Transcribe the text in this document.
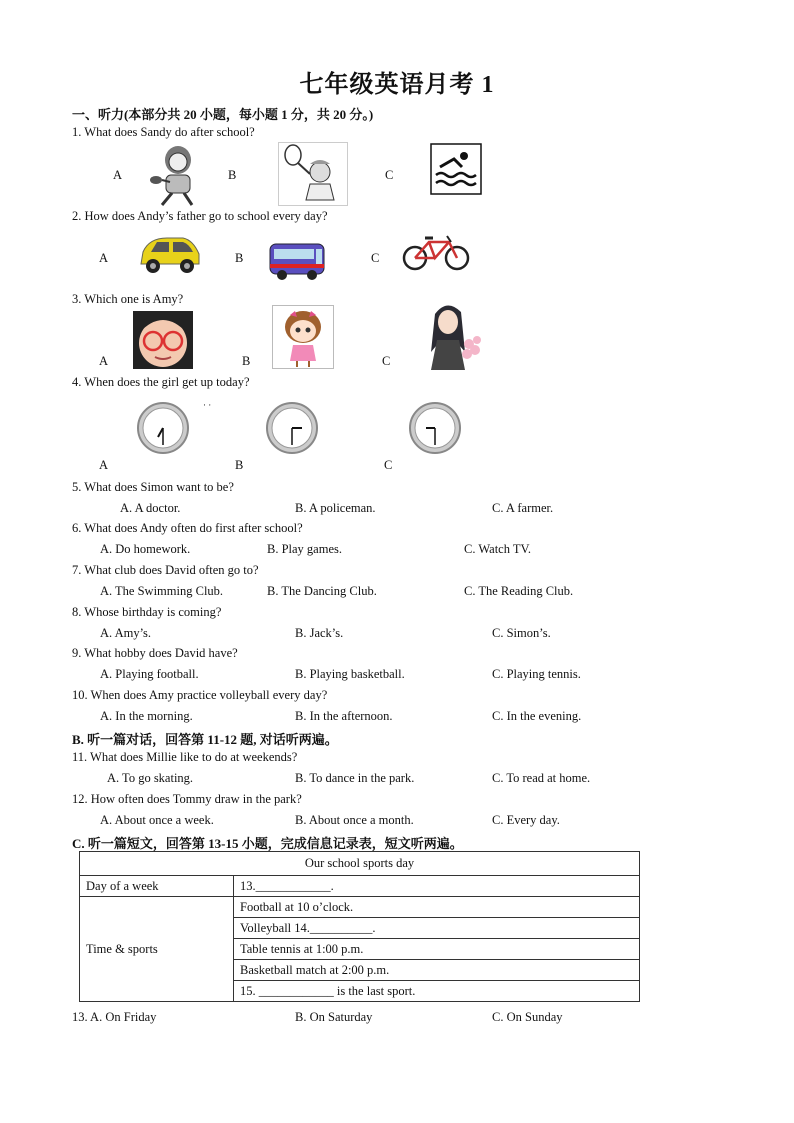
七年级英语月考 1
一、听力(本部分共 20 小题，每小题 1 分，共 20 分。)
1. What does Sandy do after school?
A	B	C
2. How does Andy’s father go to school every day?
A	B	C
3. Which one is Amy?
A	B	C
4. When does the girl get up today?
· ·
A	B	C
5. What does Simon want to be?
A. A doctor.	B. A policeman.	C. A farmer.
6. What does Andy often do first after school?
A. Do homework.	B. Play games.	C. Watch TV.
7. What club does David often go to?
A. The Swimming Club.	B. The Dancing Club.	C. The Reading Club.
8. Whose birthday is coming?
A. Amy’s.	B. Jack’s.	C. Simon’s.
9. What hobby does David have?
A. Playing football.	B. Playing basketball.	C. Playing tennis.
10. When does Amy practice volleyball every day?
A. In the morning.	B. In the afternoon.	C. In the evening.
B. 听一篇对话，回答第 11-12 题, 对话听两遍。
11. What does Millie like to do at weekends?
A. To go skating.	B. To dance in the park.	C. To read at home.
12. How often does Tommy draw in the park?
A. About once a week.	B. About once a month.	C. Every day.
C. 听一篇短文，回答第 13-15 小题，完成信息记录表，短文听两遍。
Our school sports day	
Day of a week	13.____________.
Time & sports	Football at 10 o’clock.
	Volleyball 14.__________.
	Table tennis at 1:00 p.m.
	Basketball match at 2:00 p.m.
	15. ____________ is the last sport.
13. A. On Friday	B. On Saturday	C. On Sunday
